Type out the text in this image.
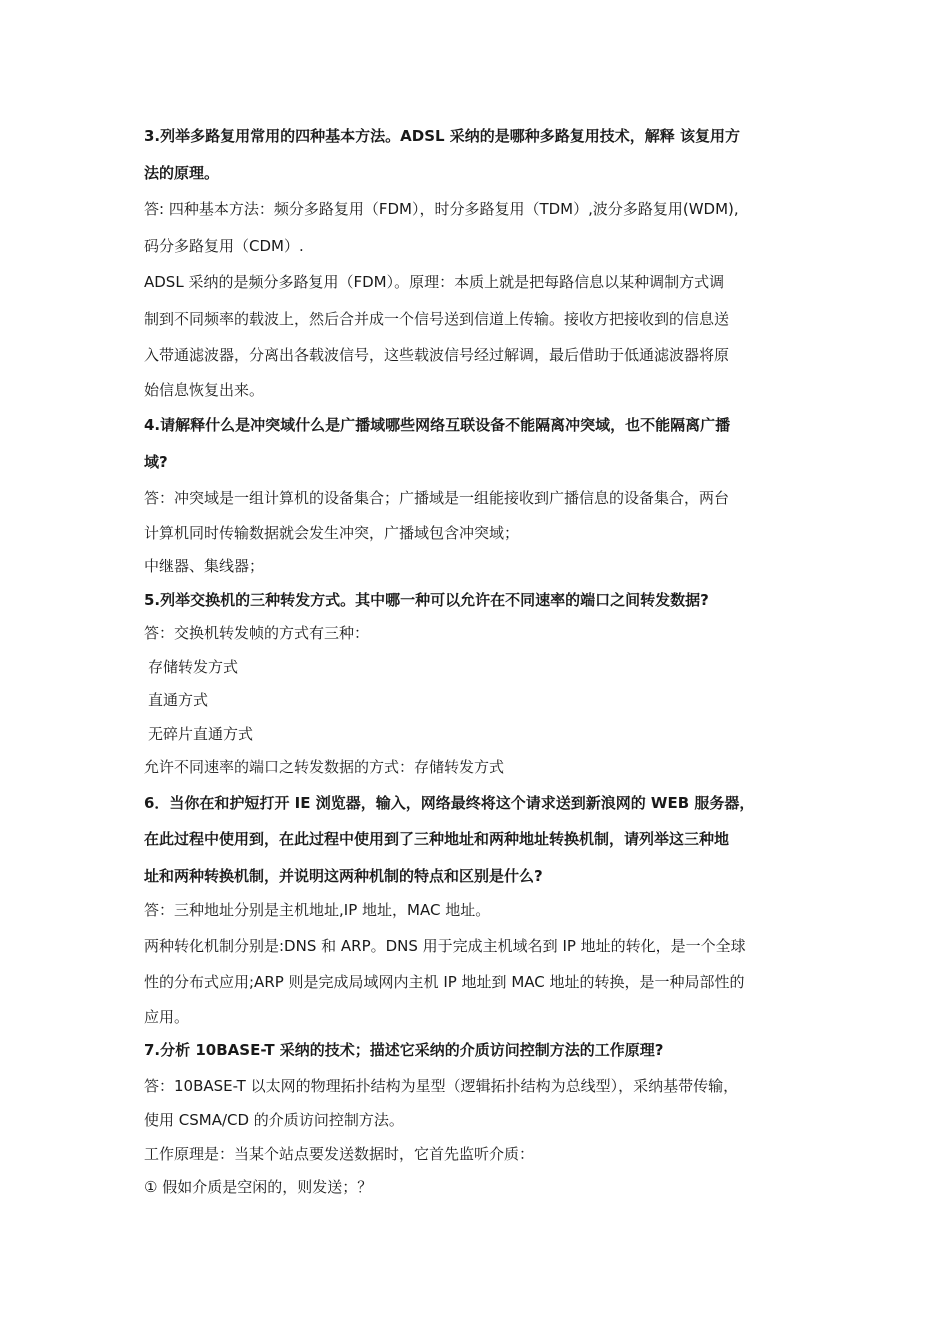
3.列举多路复用常用的四种基本方法。ADSL 采纳的是哪种多路复用技术，解释 该复用方
法的原理。
答: 四种基本方法：频分多路复用（FDM），时分多路复用（TDM）,波分多路复用(WDM),
码分多路复用（CDM）.
ADSL 采纳的是频分多路复用（FDM）。原理：本质上就是把每路信息以某种调制方式调
制到不同频率的载波上，然后合并成一个信号送到信道上传输。接收方把接收到的信息送
入带通滤波器，分离出各载波信号，这些载波信号经过解调，最后借助于低通滤波器将原
始信息恢复出来。
4.请解释什么是冲突域什么是广播域哪些网络互联设备不能隔离冲突域，也不能隔离广播
域?
答：冲突域是一组计算机的设备集合；广播域是一组能接收到广播信息的设备集合，两台
计算机同时传输数据就会发生冲突，广播域包含冲突域；
中继器、集线器；
5.列举交换机的三种转发方式。其中哪一种可以允许在不同速率的端口之间转发数据?
答：交换机转发帧的方式有三种：
存储转发方式
直通方式
无碎片直通方式
允许不同速率的端口之转发数据的方式：存储转发方式
6．当你在和护短打开 IE 浏览器，输入，网络最终将这个请求送到新浪网的 WEB 服务器，
在此过程中使用到，在此过程中使用到了三种地址和两种地址转换机制，请列举这三种地
址和两种转换机制，并说明这两种机制的特点和区别是什么?
答：三种地址分别是主机地址,IP 地址，MAC 地址。
两种转化机制分别是:DNS 和 ARP。DNS 用于完成主机域名到 IP 地址的转化，是一个全球
性的分布式应用;ARP 则是完成局域网内主机 IP 地址到 MAC 地址的转换，是一种局部性的
应用。
7.分析 10BASE-T 采纳的技术；描述它采纳的介质访问控制方法的工作原理?
答：10BASE-T 以太网的物理拓扑结构为星型（逻辑拓扑结构为总线型），采纳基带传输，
使用 CSMA/CD 的介质访问控制方法。
工作原理是：当某个站点要发送数据时，它首先监听介质：
① 假如介质是空闲的，则发送；？
